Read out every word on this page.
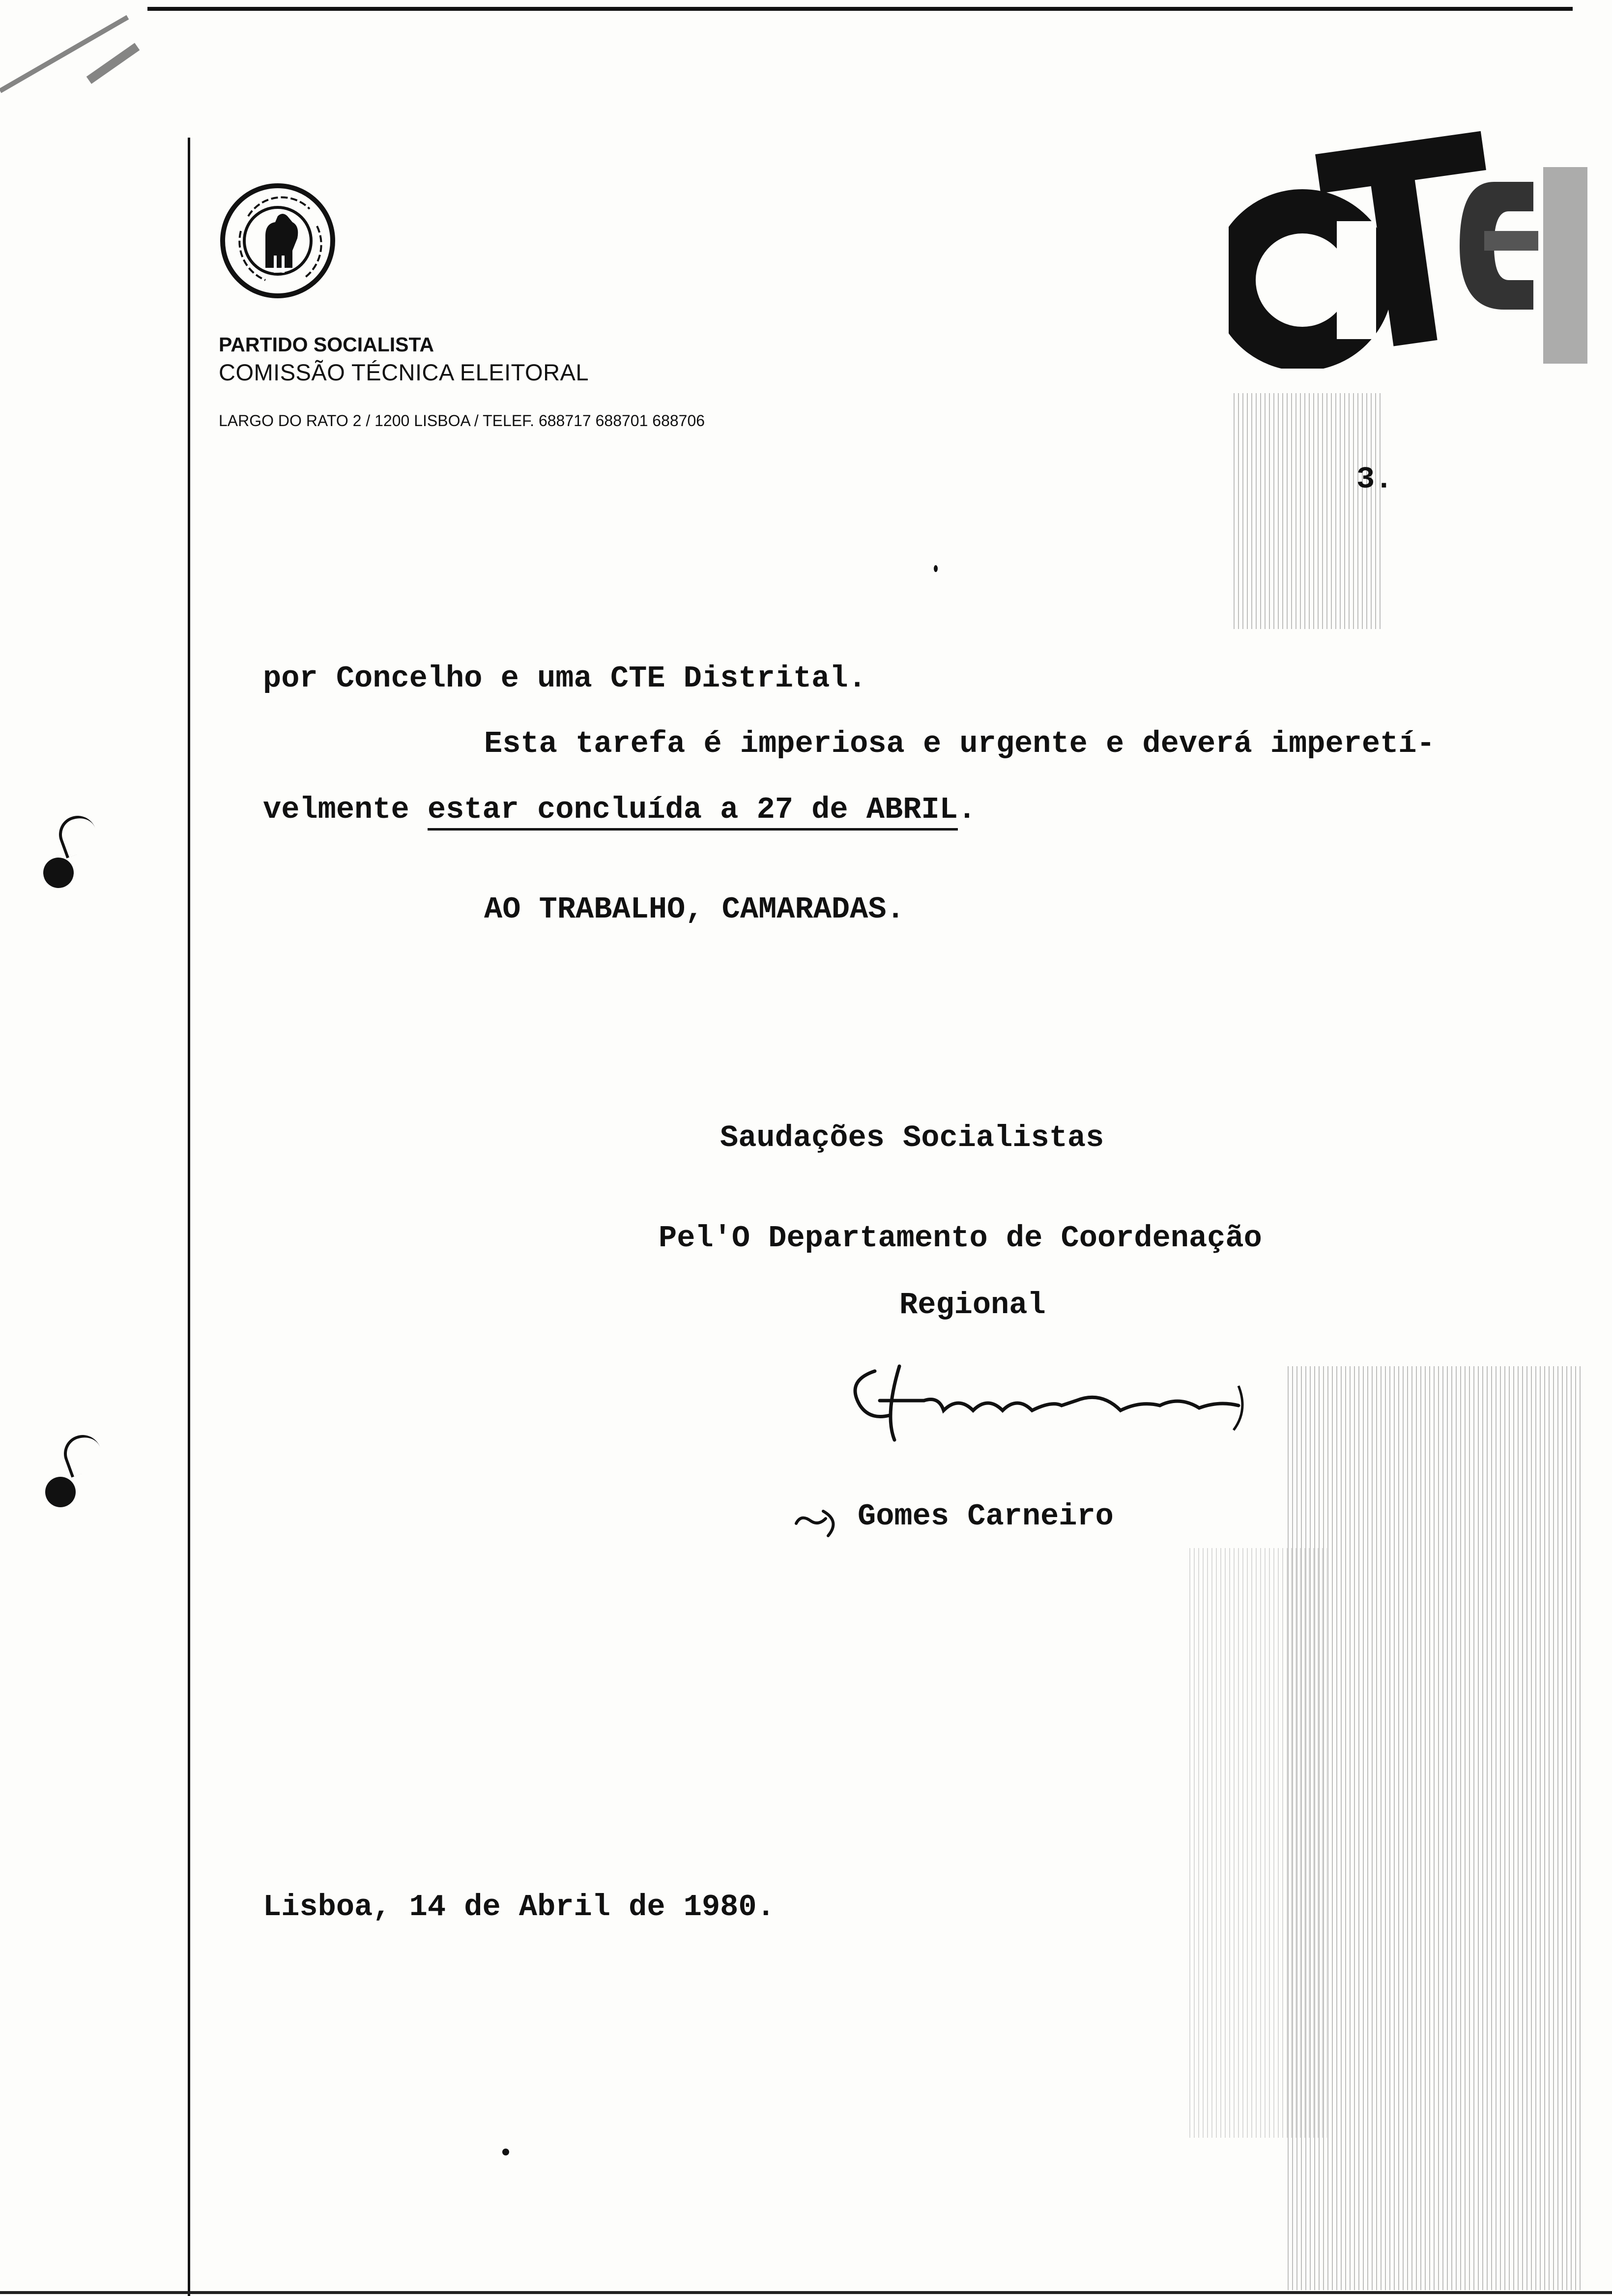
PARTIDO SOCIALISTA
COMISSÃO TÉCNICA ELEITORAL
LARGO DO RATO 2 / 1200 LISBOA / TELEF. 688717 688701 688706
3.
por Concelho e uma CTE Distrital.
Esta tarefa é imperiosa e urgente e deverá imperetí-
velmente estar concluída a 27 de ABRIL.
AO TRABALHO, CAMARADAS.
Saudações Socialistas
Pel'O Departamento de Coordenação
Regional
Gomes Carneiro
Lisboa, 14 de Abril de 1980.
